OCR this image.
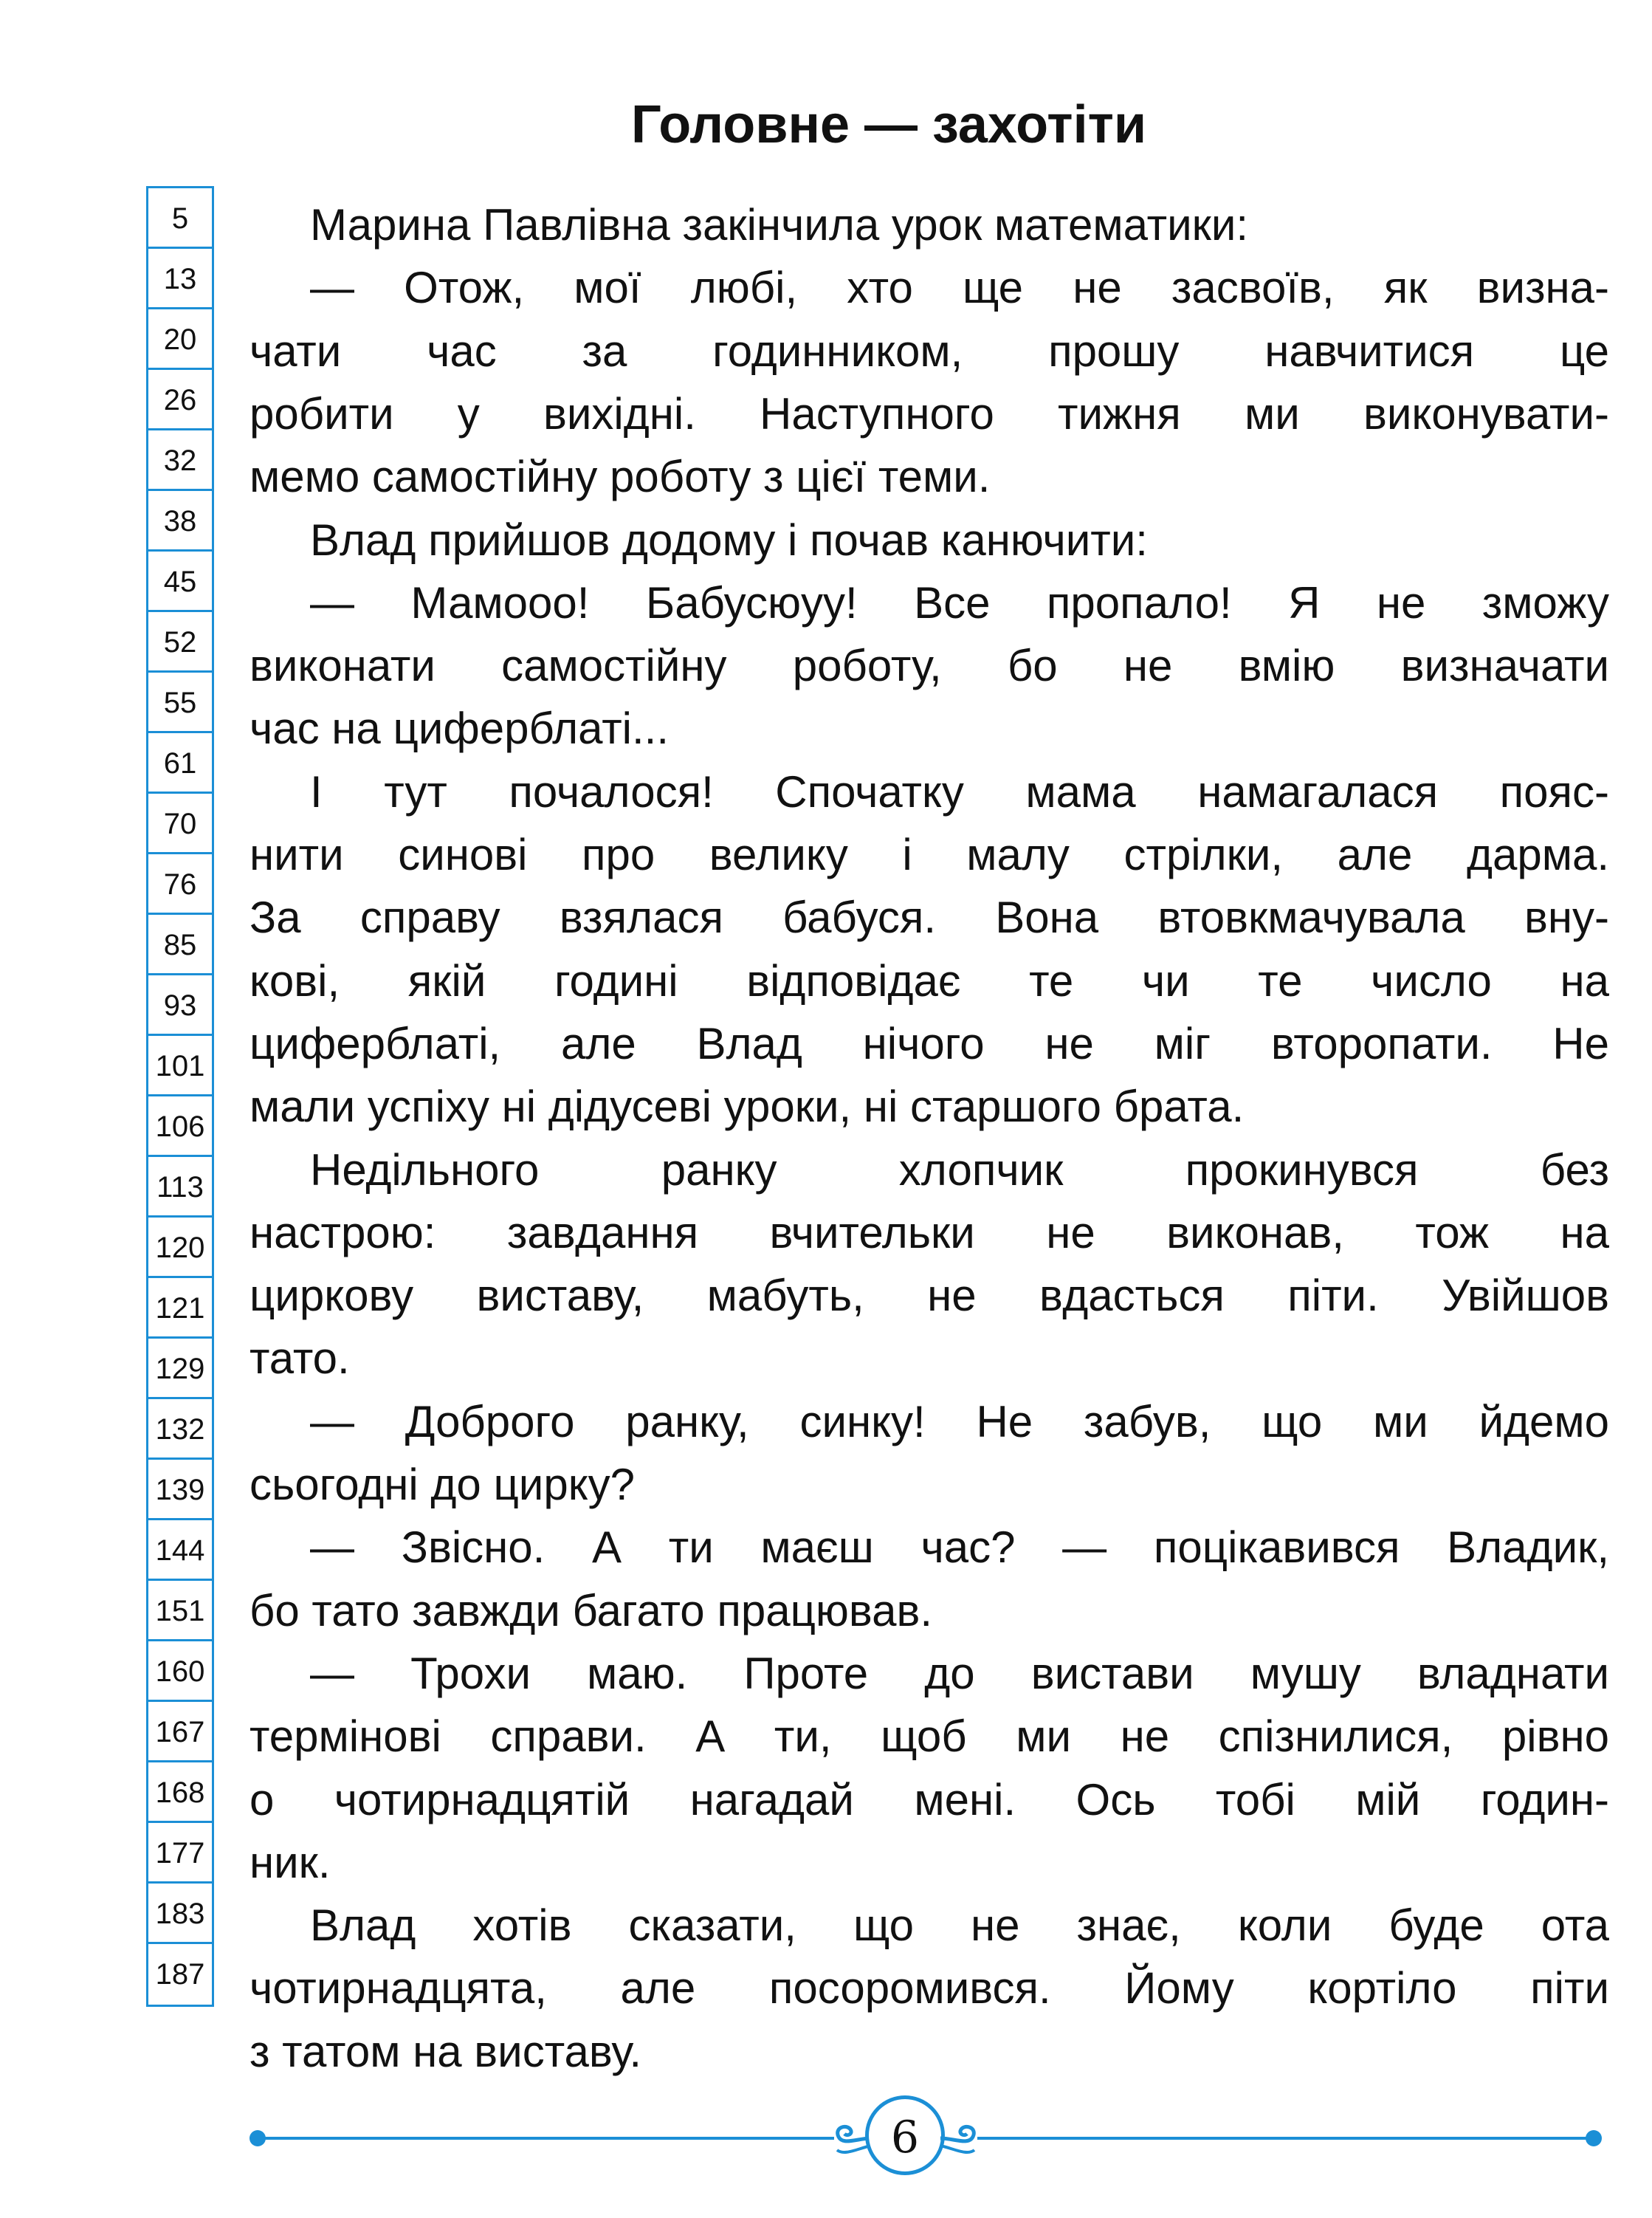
Головне — захотіти
5
13
20
26
32
38
45
52
55
61
70
76
85
93
101
106
113
120
121
129
132
139
144
151
160
167
168
177
183
187
Марина Павлівна закінчила урок математики:
— Отож, мої любі, хто ще не засвоїв, як визна-
чати час за годинником, прошу навчитися це
робити у вихідні. Наступного тижня ми виконувати-
мемо самостійну роботу з цієї теми.
Влад прийшов додому і почав канючити:
— Мамооо! Бабусюуу! Все пропало! Я не зможу
виконати самостійну роботу, бо не вмію визначати
час на циферблаті...
І тут почалося! Спочатку мама намагалася пояс-
нити синові про велику і малу стрілки, але дарма.
За справу взялася бабуся. Вона втовкмачувала вну-
кові, якій годині відповідає те чи те число на
циферблаті, але Влад нічого не міг второпати. Не
мали успіху ні дідусеві уроки, ні старшого брата.
Недільного ранку хлопчик прокинувся без
настрою: завдання вчительки не виконав, тож на
циркову виставу, мабуть, не вдасться піти. Увійшов
тато.
— Доброго ранку, синку! Не забув, що ми йдемо
сьогодні до цирку?
— Звісно. А ти маєш час? — поцікавився Владик,
бо тато завжди багато працював.
— Трохи маю. Проте до вистави мушу владнати
термінові справи. А ти, щоб ми не спізнилися, рівно
о чотирнадцятій нагадай мені. Ось тобі мій годин-
ник.
Влад хотів сказати, що не знає, коли буде ота
чотирнадцята, але посоромився. Йому кортіло піти
з татом на виставу.
6
